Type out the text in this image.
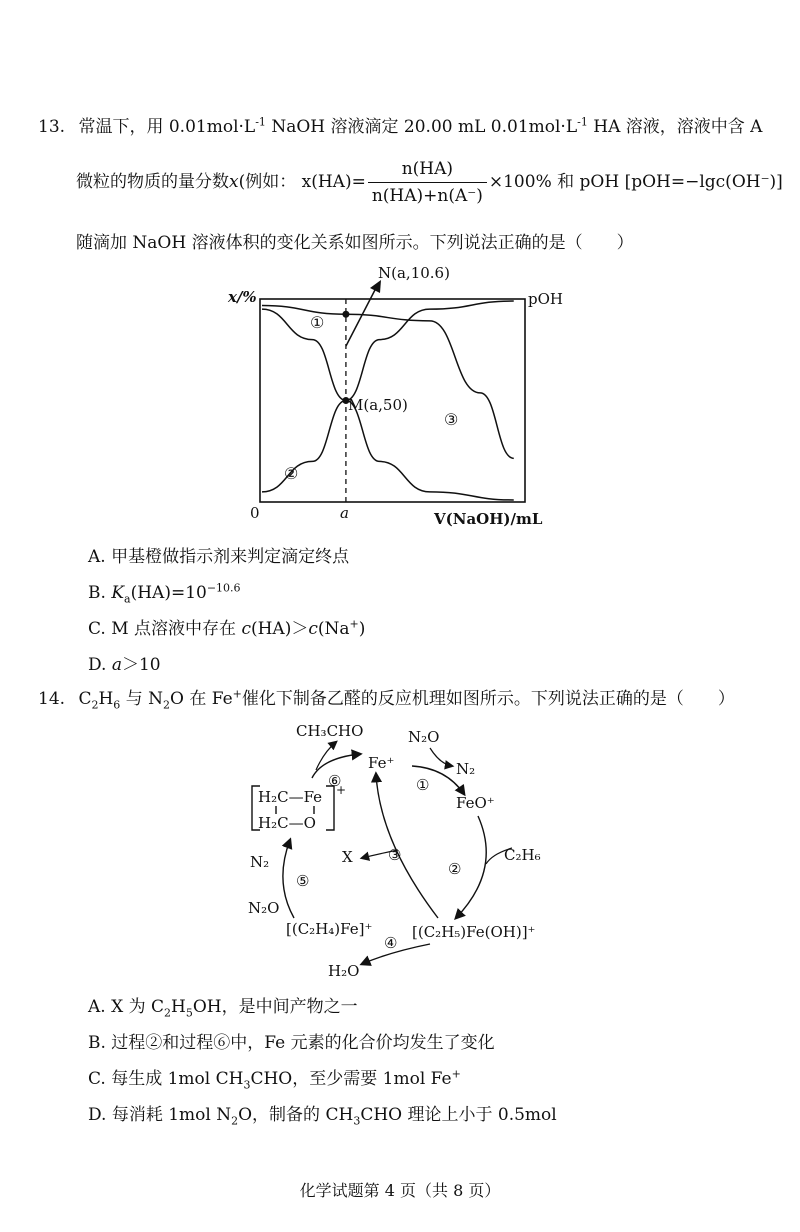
13. 常温下，用 $0.01mol\cdot L^{-1}$ NaOH 溶液滴定 20.00 mL $0.01mol\cdot L^{-1}$ HA 溶液，溶液中含 A
微粒的物质的量分数x(例如： $x(HA)= \frac{n(HA)}{n(HA)+n(A^-)} \times 100\%$ 和 pOH [pOH=−lgc(OH⁻)]
随滴加 NaOH 溶液体积的变化关系如图所示。下列说法正确的是（　　）
N(a,10.6)
M(a,50)
x/%	pOH
0	a	V(NaOH)/mL
①
②
③
A. 甲基橙做指示剂来判定滴定终点
B. $K_a(HA)=10^{-10.6}$
C. M 点溶液中存在 c(HA)＞c(Na+)
D. a＞10
14. $C_2H_6$ 与 $N_2O$ 在 Fe+催化下制备乙醛的反应机理如图所示。下列说法正确的是（　　）
CH₃CHO
Fe⁺
N₂O
N₂
FeO⁺
C₂H₆
[(C₂H₅)Fe(OH)]⁺
H₂O
[(C₂H₄)Fe]⁺
N₂O
N₂	X
+
H₂C—Fe
H₂C—O
①
②
③
④
⑤
⑥
A. X 为 $C_2H_5OH$，是中间产物之一
B. 过程②和过程⑥中，Fe 元素的化合价均发生了变化
C. 每生成 1mol $CH_3CHO$，至少需要 1mol Fe+
D. 每消耗 1mol $N_2O$，制备的 $CH_3CHO$ 理论上小于 0.5mol
化学试题第 4 页（共 8 页）
